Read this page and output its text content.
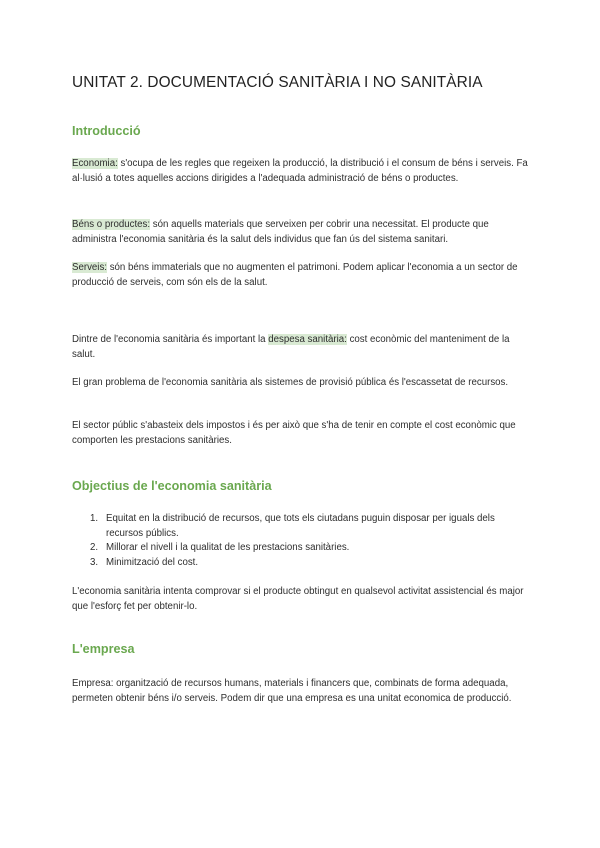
UNITAT 2. DOCUMENTACIÓ SANITÀRIA I NO SANITÀRIA
Introducció

Economia: s'ocupa de les regles que regeixen la producció, la distribució i el consum de béns i serveis. Fa al·lusió a totes aquelles accions dirigides a l'adequada administració de béns o productes.

Béns o productes: són aquells materials que serveixen per cobrir una necessitat. El producte que administra l'economia sanitària és la salut dels individus que fan ús del sistema sanitari.

Serveis: són béns immaterials que no augmenten el patrimoni. Podem aplicar l'economia a un sector de producció de serveis, com són els de la salut.

Dintre de l'economia sanitària és important la despesa sanitària: cost econòmic del manteniment de la salut.

El gran problema de l'economia sanitària als sistemes de provisió pública és l'escassetat de recursos.

El sector públic s'abasteix dels impostos i és per això que s'ha de tenir en compte el cost econòmic que comporten les prestacions sanitàries.

Objectius de l'economia sanitària
1. Equitat en la distribució de recursos, que tots els ciutadans puguin disposar per iguals dels recursos públics.
2. Millorar el nivell i la qualitat de les prestacions sanitàries.
3. Minimització del cost.

L'economia sanitària intenta comprovar si el producte obtingut en qualsevol activitat assistencial és major que l'esforç fet per obtenir-lo.

L'empresa

Empresa: organització de recursos humans, materials i financers que, combinats de forma adequada, permeten obtenir béns i/o serveis. Podem dir que una empresa es una unitat economica de producció.
